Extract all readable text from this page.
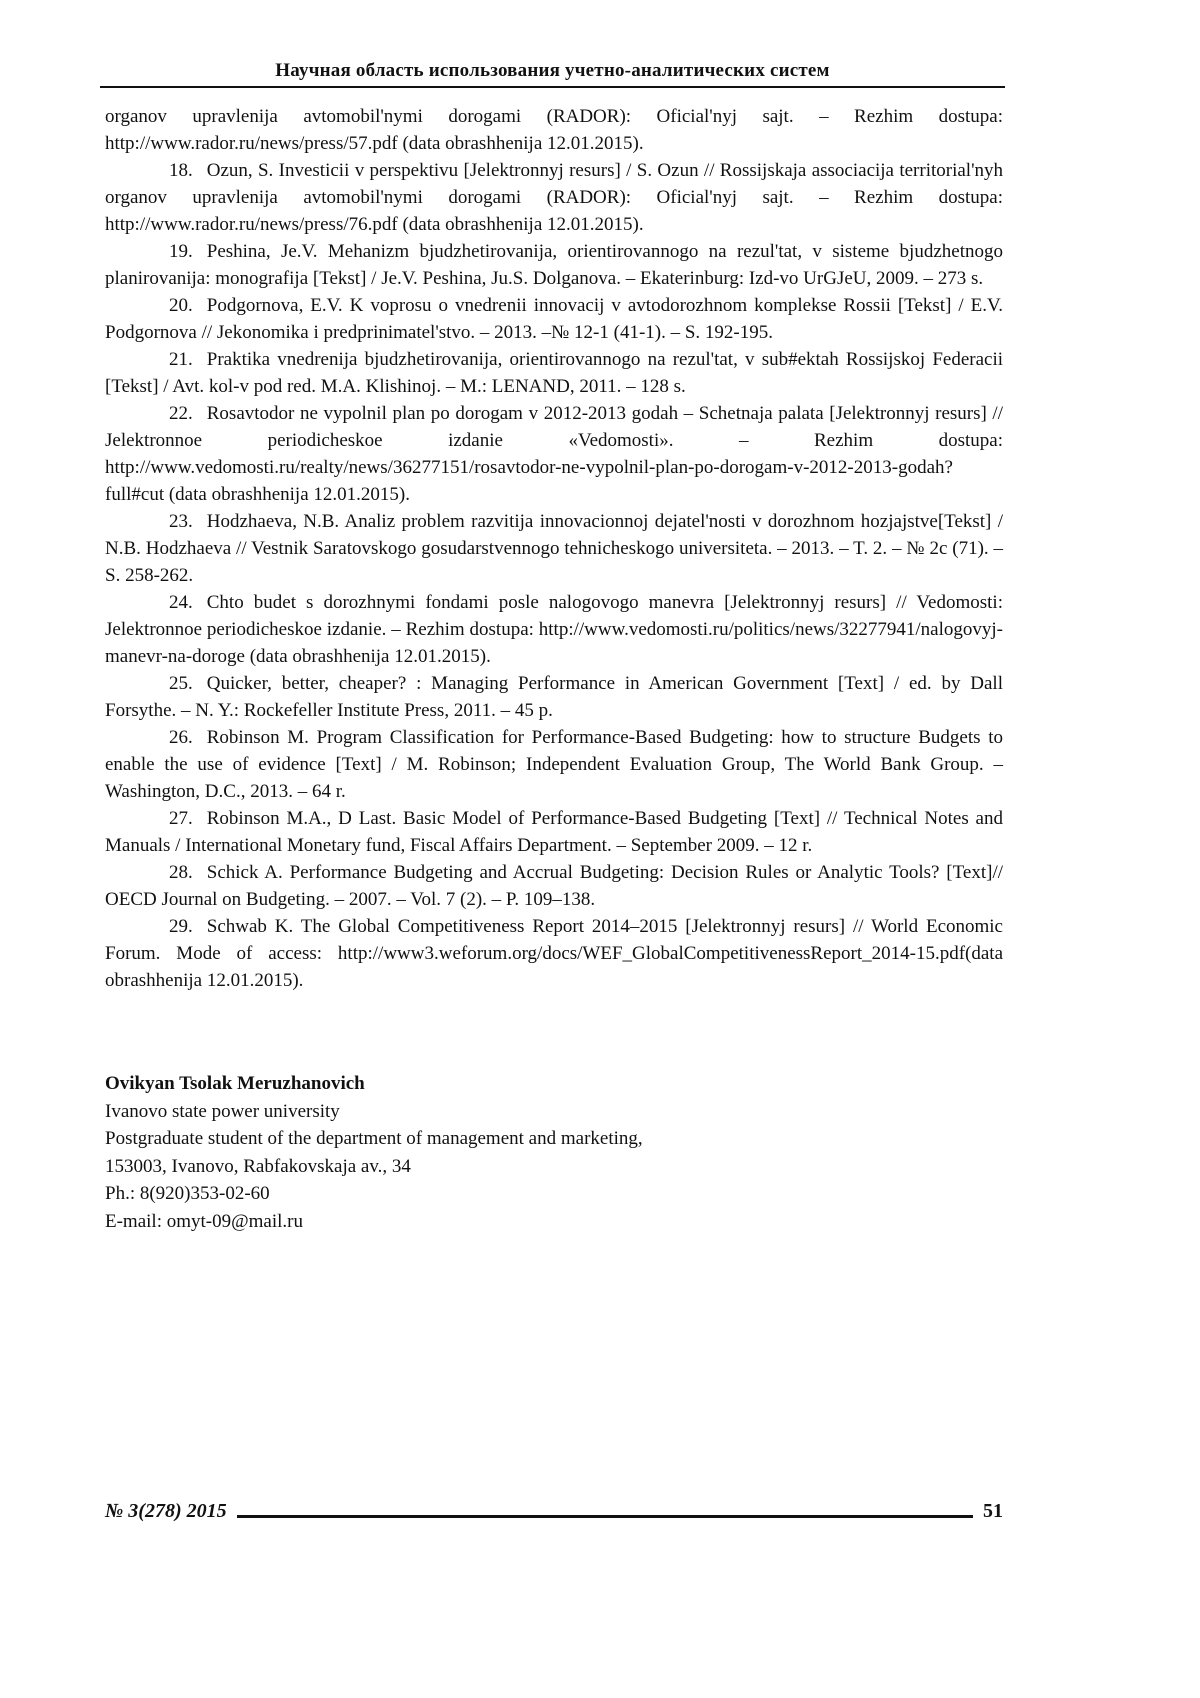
Научная область использования учетно-аналитических систем

organov upravlenija avtomobil'nymi dorogami (RADOR): Oficial'nyj sajt. – Rezhim dostupa: http://www.rador.ru/news/press/57.pdf (data obrashhenija 12.01.2015).

18. Ozun, S. Investicii v perspektivu [Jelektronnyj resurs] / S. Ozun // Rossijskaja associacija territorial'nyh organov upravlenija avtomobil'nymi dorogami (RADOR): Oficial'nyj sajt. – Rezhim dostupa: http://www.rador.ru/news/press/76.pdf (data obrashhenija 12.01.2015).

19. Peshina, Je.V. Mehanizm bjudzhetirovanija, orientirovannogo na rezul'tat, v sisteme bjudzhetnogo planirovanija: monografija [Tekst] / Je.V. Peshina, Ju.S. Dolganova. – Ekaterinburg: Izd-vo UrGJeU, 2009. – 273 s.

20. Podgornova, E.V. K voprosu o vnedrenii innovacij v avtodorozhnom komplekse Rossii [Tekst] / E.V. Podgornova // Jekonomika i predprinimatel'stvo. – 2013. –№ 12-1 (41-1). – S. 192-195.

21. Praktika vnedrenija bjudzhetirovanija, orientirovannogo na rezul'tat, v sub#ektah Rossijskoj Federacii [Tekst] / Avt. kol-v pod red. M.A. Klishinoj. – M.: LENAND, 2011. – 128 s.

22. Rosavtodor ne vypolnil plan po dorogam v 2012-2013 godah – Schetnaja palata [Jelektronnyj resurs] // Jelektronnoe periodicheskoe izdanie «Vedomosti». – Rezhim dostupa: http://www.vedomosti.ru/realty/news/36277151/rosavtodor-ne-vypolnil-plan-po-dorogam-v-2012-2013-godah?full#cut (data obrashhenija 12.01.2015).

23. Hodzhaeva, N.B. Analiz problem razvitija innovacionnoj dejatel'nosti v dorozhnom hozjajstve[Tekst] / N.B. Hodzhaeva // Vestnik Saratovskogo gosudarstvennogo tehnicheskogo universiteta. – 2013. – T. 2. – № 2c (71). – S. 258-262.

24. Chto budet s dorozhnymi fondami posle nalogovogo manevra [Jelektronnyj resurs] // Vedomosti: Jelektronnoe periodicheskoe izdanie. – Rezhim dostupa: http://www.vedomosti.ru/politics/news/32277941/nalogovyj-manevr-na-doroge (data obrashhenija 12.01.2015).

25. Quicker, better, cheaper? : Managing Performance in American Government [Text] / ed. by Dall Forsythe. – N. Y.: Rockefeller Institute Press, 2011. – 45 p.

26. Robinson M. Program Classification for Performance-Based Budgeting: how to structure Budgets to enable the use of evidence [Text] / M. Robinson; Independent Evaluation Group, The World Bank Group. – Washington, D.C., 2013. – 64 r.

27. Robinson M.A., D Last. Basic Model of Performance-Based Budgeting [Text] // Technical Notes and Manuals / International Monetary fund, Fiscal Affairs Department. – September 2009. – 12 r.

28. Schick A. Performance Budgeting and Accrual Budgeting: Decision Rules or Analytic Tools? [Text]// OECD Journal on Budgeting. – 2007. – Vol. 7 (2). – P. 109–138.

29. Schwab K. The Global Competitiveness Report 2014–2015 [Jelektronnyj resurs] // World Economic Forum. Mode of access: http://www3.weforum.org/docs/WEF_GlobalCompetitivenessReport_2014-15.pdf(data obrashhenija 12.01.2015).

Ovikyan Tsolak Meruzhanovich
Ivanovo state power university
Postgraduate student of the department of management and marketing,
153003, Ivanovo, Rabfakovskaja av., 34
Ph.: 8(920)353-02-60
E-mail: omyt-09@mail.ru
№ 3(278) 2015	51
